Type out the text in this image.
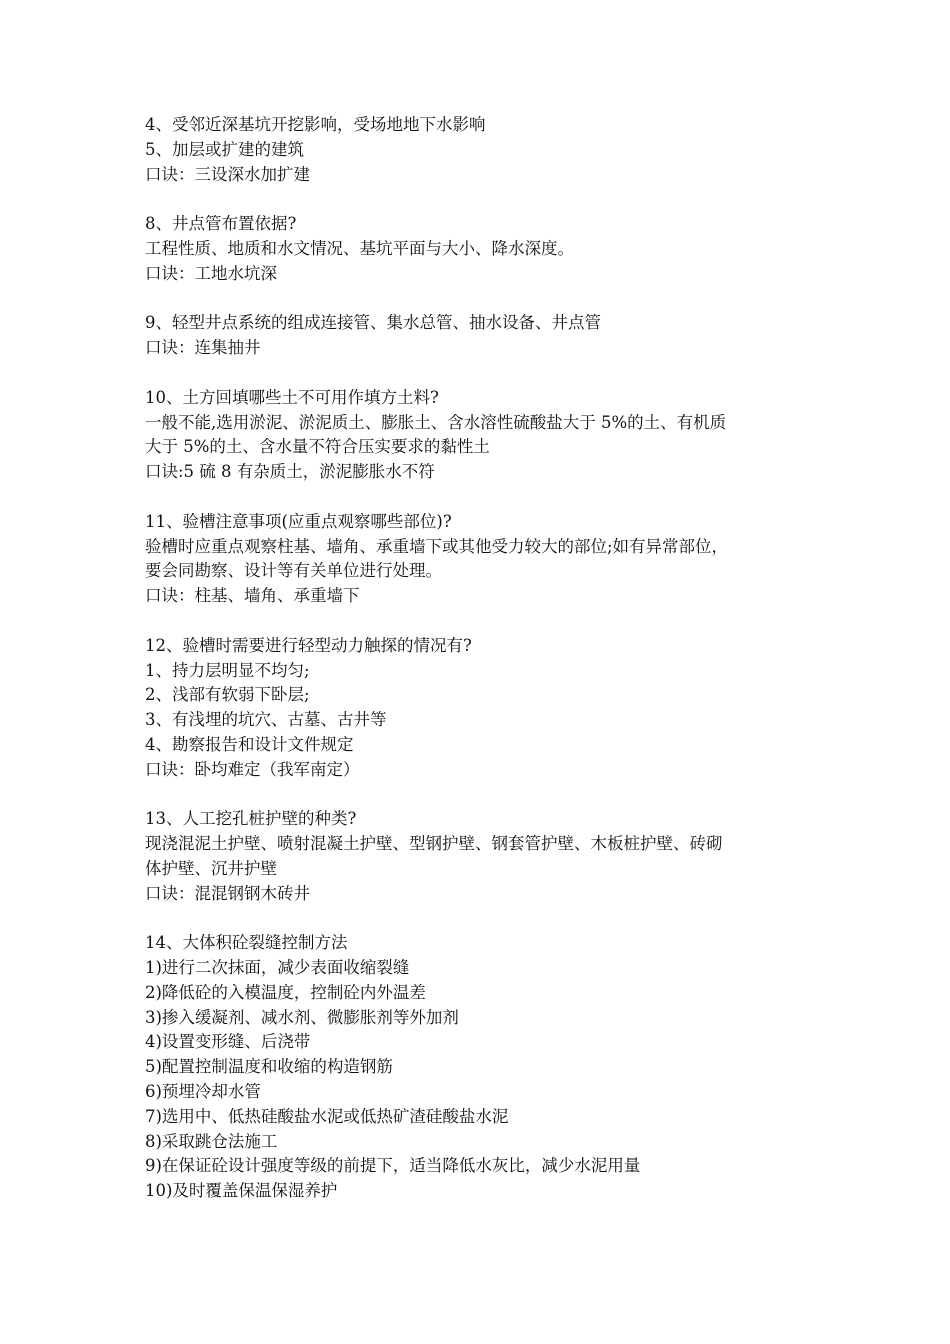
4、受邻近深基坑开挖影响，受场地地下水影响
5、加层或扩建的建筑
口诀：三设深水加扩建
8、井点管布置依据?
工程性质、地质和水文情况、基坑平面与大小、降水深度。
口诀：工地水坑深
9、轻型井点系统的组成连接管、集水总管、抽水设备、井点管
口诀：连集抽井
10、土方回填哪些土不可用作填方土料?
一般不能,选用淤泥、淤泥质土、膨胀土、含水溶性硫酸盐大于 5%的土、有机质
大于 5%的土、含水量不符合压实要求的黏性土
口诀:5 硫 8 有杂质土，淤泥膨胀水不符
11、验槽注意事项(应重点观察哪些部位)?
验槽时应重点观察柱基、墙角、承重墙下或其他受力较大的部位;如有异常部位，
要会同勘察、设计等有关单位进行处理。
口诀：柱基、墙角、承重墙下
12、验槽时需要进行轻型动力触探的情况有?
1、持力层明显不均匀;
2、浅部有软弱下卧层;
3、有浅埋的坑穴、古墓、古井等
4、勘察报告和设计文件规定
口诀：卧均难定（我军南定）
13、人工挖孔桩护壁的种类?
现浇混泥土护壁、喷射混凝土护壁、型钢护壁、钢套管护壁、木板桩护壁、砖砌
体护壁、沉井护壁
口诀：混混钢钢木砖井
14、大体积砼裂缝控制方法
1)进行二次抹面，减少表面收缩裂缝
2)降低砼的入模温度，控制砼内外温差
3)掺入缓凝剂、减水剂、微膨胀剂等外加剂
4)设置变形缝、后浇带
5)配置控制温度和收缩的构造钢筋
6)预埋冷却水管
7)选用中、低热硅酸盐水泥或低热矿渣硅酸盐水泥
8)采取跳仓法施工
9)在保证砼设计强度等级的前提下，适当降低水灰比，减少水泥用量
10)及时覆盖保温保湿养护
